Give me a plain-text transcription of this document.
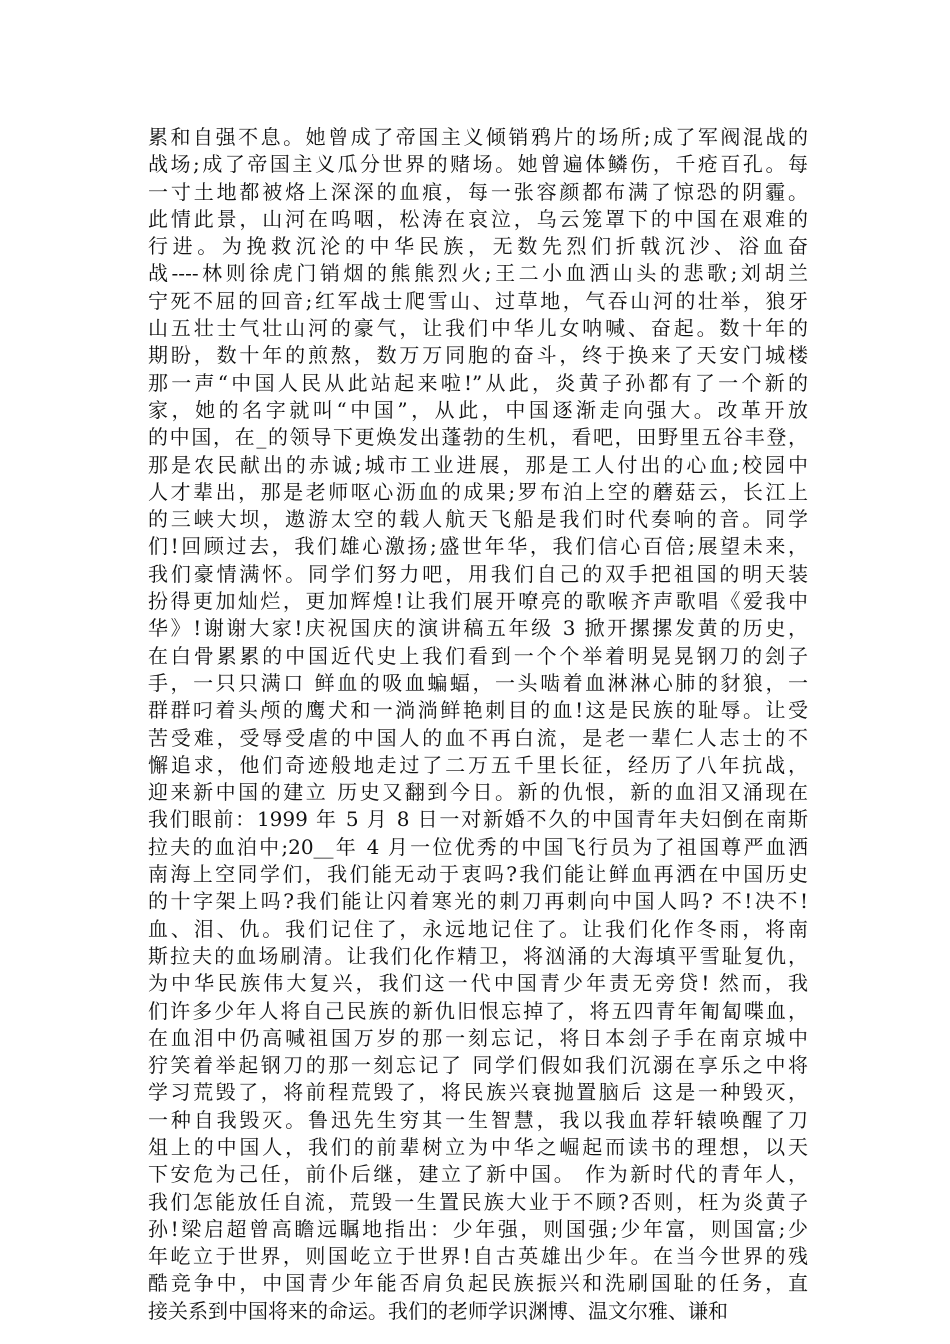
累和自强不息。她曾成了帝国主义倾销鸦片的场所;成了军阀混战的
战场;成了帝国主义瓜分世界的赌场。她曾遍体鳞伤，千疮百孔。每
一寸土地都被烙上深深的血痕，每一张容颜都布满了惊恐的阴霾。
此情此景，山河在呜咽，松涛在哀泣，乌云笼罩下的中国在艰难的
行进。为挽救沉沦的中华民族，无数先烈们折戟沉沙、浴血奋
战----林则徐虎门销烟的熊熊烈火;王二小血洒山头的悲歌;刘胡兰
宁死不屈的回音;红军战士爬雪山、过草地，气吞山河的壮举，狼牙
山五壮士气壮山河的豪气，让我们中华儿女呐喊、奋起。数十年的
期盼，数十年的煎熬，数万万同胞的奋斗，终于换来了天安门城楼
那一声“中国人民从此站起来啦!”从此，炎黄子孙都有了一个新的
家，她的名字就叫“中国”，从此，中国逐渐走向强大。改革开放
的中国，在_的领导下更焕发出蓬勃的生机，看吧，田野里五谷丰登，
那是农民献出的赤诚;城市工业进展，那是工人付出的心血;校园中
人才辈出，那是老师呕心沥血的成果;罗布泊上空的蘑菇云，长江上
的三峡大坝，遨游太空的载人航天飞船是我们时代奏响的音。同学
们!回顾过去，我们雄心激扬;盛世年华，我们信心百倍;展望未来，
我们豪情满怀。同学们努力吧，用我们自己的双手把祖国的明天装
扮得更加灿烂，更加辉煌!让我们展开嘹亮的歌喉齐声歌唱《爱我中
华》!谢谢大家!庆祝国庆的演讲稿五年级 3 掀开摞摞发黄的历史，
在白骨累累的中国近代史上我们看到一个个举着明晃晃钢刀的刽子
手，一只只满口 鲜血的吸血蝙蝠，一头啮着血淋淋心肺的豺狼，一
群群叼着头颅的鹰犬和一淌淌鲜艳刺目的血!这是民族的耻辱。让受
苦受难，受辱受虐的中国人的血不再白流，是老一辈仁人志士的不
懈追求，他们奇迹般地走过了二万五千里长征，经历了八年抗战，
迎来新中国的建立 历史又翻到今日。新的仇恨，新的血泪又涌现在
我们眼前：1999 年 5 月 8 日一对新婚不久的中国青年夫妇倒在南斯
拉夫的血泊中;20__年 4 月一位优秀的中国飞行员为了祖国尊严血洒
南海上空同学们，我们能无动于衷吗?我们能让鲜血再洒在中国历史
的十字架上吗?我们能让闪着寒光的刺刀再刺向中国人吗? 不!决不!
血、泪、仇。我们记住了，永远地记住了。让我们化作冬雨，将南
斯拉夫的血场刷清。让我们化作精卫，将汹涌的大海填平雪耻复仇，
为中华民族伟大复兴，我们这一代中国青少年责无旁贷! 然而，我
们许多少年人将自己民族的新仇旧恨忘掉了，将五四青年匍匐喋血，
在血泪中仍高喊祖国万岁的那一刻忘记，将日本刽子手在南京城中
狞笑着举起钢刀的那一刻忘记了 同学们假如我们沉溺在享乐之中将
学习荒毁了，将前程荒毁了，将民族兴衰抛置脑后 这是一种毁灭，
一种自我毁灭。鲁迅先生穷其一生智慧，我以我血荐轩辕唤醒了刀
俎上的中国人，我们的前辈树立为中华之崛起而读书的理想，以天
下安危为己任，前仆后继，建立了新中国。 作为新时代的青年人，
我们怎能放任自流，荒毁一生置民族大业于不顾?否则，枉为炎黄子
孙!梁启超曾高瞻远瞩地指出：少年强，则国强;少年富，则国富;少
年屹立于世界，则国屹立于世界!自古英雄出少年。在当今世界的残
酷竞争中，中国青少年能否肩负起民族振兴和洗刷国耻的任务，直
接关系到中国将来的命运。我们的老师学识渊博、温文尔雅、谦和
